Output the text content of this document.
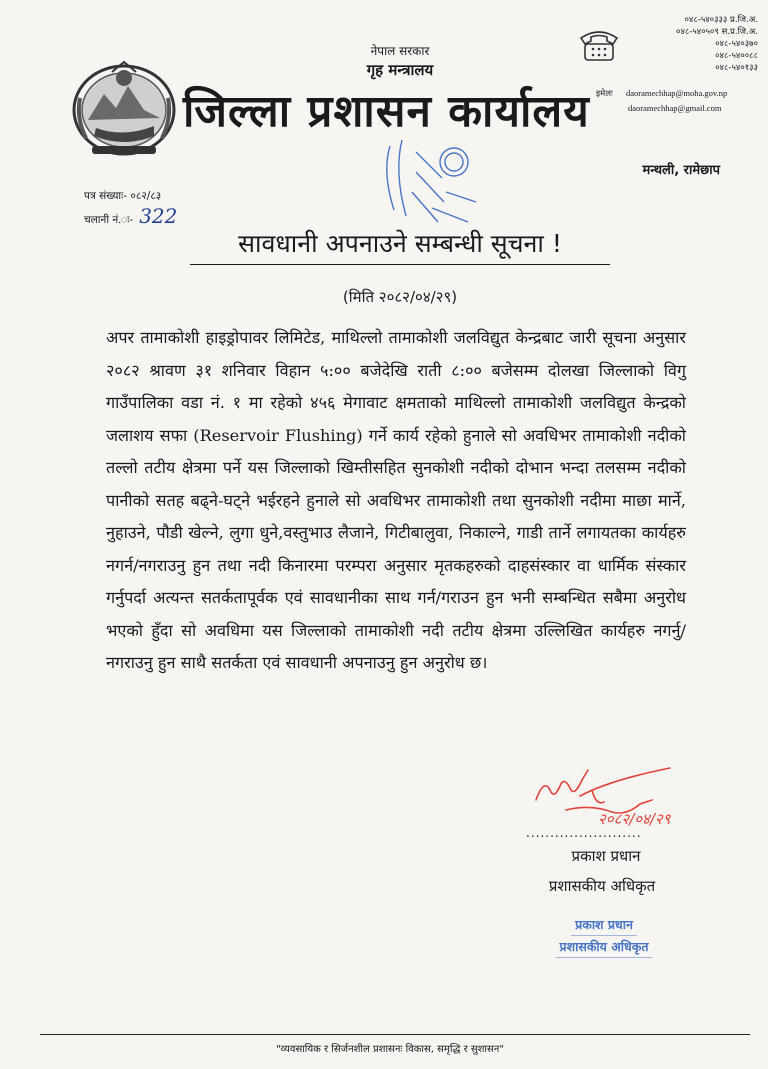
नेपाल सरकार
गृह मन्त्रालय
जिल्ला प्रशासन कार्यालय
०४८-५४०३३३ प्र.जि.अ.
०४८-५४०५०९ स.प्र.जि.अ.
०४८-५४०३७०
०४८-५४००८८
०४८-५४०१३३
इमेलः daoramechhap@moha.gov.np
daoramechhap@gmail.com
मन्थली, रामेछाप
पत्र संख्याः- ०८२/८३
चलानी नं.ः- 322
सावधानी अपनाउने सम्बन्धी सूचना !
(मिति २०८२/०४/२९)
अपर तामाकोशी हाइड्रोपावर लिमिटेड, माथिल्लो तामाकोशी जलविद्युत केन्द्रबाट जारी सूचना अनुसार २०८२ श्रावण ३१ शनिवार विहान ५:०० बजेदेखि राती ८:०० बजेसम्म दोलखा जिल्लाको विगु गाउँपालिका वडा नं. १ मा रहेको ४५६ मेगावाट क्षमताको माथिल्लो तामाकोशी जलविद्युत केन्द्रको जलाशय सफा (Reservoir Flushing) गर्ने कार्य रहेको हुनाले सो अवधिभर तामाकोशी नदीको तल्लो तटीय क्षेत्रमा पर्ने यस जिल्लाको खिम्तीसहित सुनकोशी नदीको दोभान भन्दा तलसम्म नदीको पानीको सतह बढ्ने-घट्ने भईरहने हुनाले सो अवधिभर तामाकोशी तथा सुनकोशी नदीमा माछा मार्ने, नुहाउने, पौडी खेल्ने, लुगा धुने,वस्तुभाउ लैजाने, गिटीबालुवा, निकाल्ने, गाडी तार्ने लगायतका कार्यहरु नगर्न/नगराउनु हुन तथा नदी किनारमा परम्परा अनुसार मृतकहरुको दाहसंस्कार वा धार्मिक संस्कार गर्नुपर्दा अत्यन्त सतर्कतापूर्वक एवं सावधानीका साथ गर्न/गराउन हुन भनी सम्बन्धित सबैमा अनुरोध भएको हुँदा सो अवधिमा यस जिल्लाको तामाकोशी नदी तटीय क्षेत्रमा उल्लिखित कार्यहरु नगर्नु/नगराउनु हुन साथै सतर्कता एवं सावधानी अपनाउनु हुन अनुरोध छ।
२०८२/०४/२९
........................
प्रकाश प्रधान
प्रशासकीय अधिकृत
प्रकाश प्रधान
प्रशासकीय अधिकृत
"व्यवसायिक र सिर्जनशील प्रशासनः विकास, समृद्धि र सुशासन"
